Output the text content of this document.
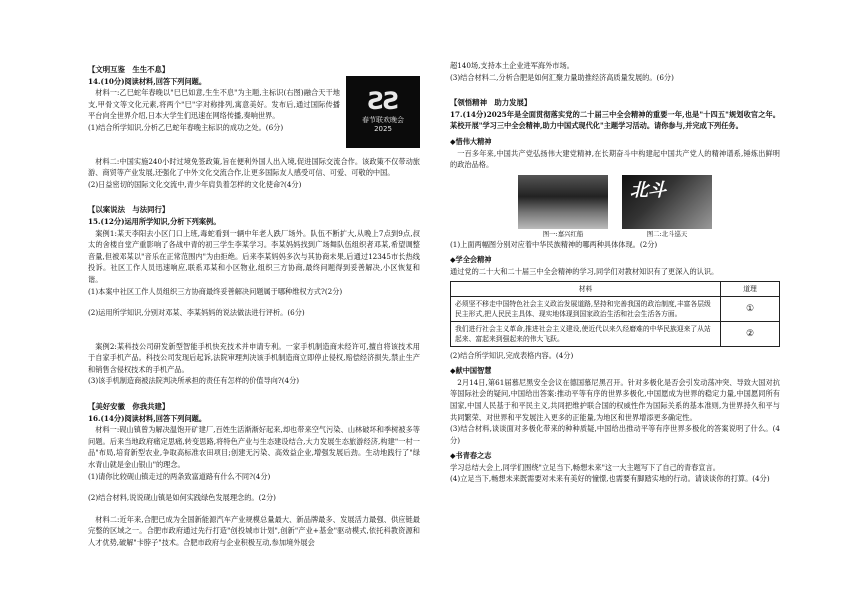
【文明互鉴　生生不息】
ƧƧ
春节联欢晚会
2025

14.(10分)阅读材料,回答下列问题。

材料一:乙巳蛇年春晚以"巳巳如意,生生不息"为主题,主标识(右图)融合天干地支,甲骨文等文化元素,将两个"巳"字对称排列,寓意美好。发布后,通过国际传播平台向全世界介绍,日本大学生们迅速在网络传播,奏响世界。

(1)结合所学知识,分析乙巳蛇年春晚主标识的成功之处。(6分)

材料二:中国实施240小时过境免签政策,旨在便利外国人出入境,促进国际交流合作。该政策不仅带动旅游、商贸等产业发展,还强化了中外文化交流合作,让更多国际友人感受可信、可爱、可敬的中国。

(2)日益密切的国际文化交流中,青少年肩负着怎样的文化使命?(4分)

【以案说法　与法同行】

15.(12分)运用所学知识,分析下列案例。

案例1:某天李阳去小区门口上班,毒蛇看到一辆中年老人跌厂场外。队伍不断扩大,从晚上7点到9点,叔太的舍楼自堂产重影响了各战中青的初三学生李某学习。李某妈妈找到广场舞队伍组织者邓某,希望调整音量,但被邓某以"音乐在正常范围内"为由拒绝。后来李某妈妈多次与其协商未果,后通过12345市长热线投诉。社区工作人员迅速响应,联系邓某和小区物业,组织三方协商,最终问题得到妥善解决,小区恢复和谐。

(1)本案中社区工作人员组织三方协商最终妥善解决问题属于哪种维权方式?(2分)

(2)运用所学知识,分别对邓某、李某妈妈的说法做法进行评析。(6分)

案例2:某科技公司研发新型智能手机快充技术并申请专利。一家手机制造商未经许可,擅自将该技术用于自家手机产品。科技公司发现后起诉,法院审理判决该手机制造商立即停止侵权,赔偿经济损失,禁止生产和销售含侵权技术的手机产品。

(3)该手机制造商被法院判决所承担的责任有怎样的价值导向?(4分)

【美好安徽　你我共建】

16.(14分)阅读材料,回答下列问题。

材料一:砚山镇曾为解决温饱开矿建厂,百姓生活渐渐好起来,却也带来空气污染、山林破坏和季树被多等问题。后来当地政府痛定思痛,转变思路,将特色产业与生态建设结合,大力发展生态旅游经济,构建"一村一品"布局,培育新型农业,争取高标准农田项目;创建无污染、高效益企业,增强发展后劲。生动地践行了"绿水青山就是金山银山"的理念。

(1)请你比较砚山镇走过的两条致富道路有什么不同?(4分)

(2)结合材料,说说砚山镇是如何实践绿色发展理念的。(2分)

材料二:近年来,合肥已成为全国新能源汽车产业规模总量最大、新品牌最多、发展活力最强、供应链最完整的区域之一。合肥市政府通过先行打造"创投城市计划",创新"产业+基金"驱动模式,依托科教资源和人才优势,破解"卡脖子"技术。合肥市政府与企业积极互动,参加境外展会

超140场,支持本土企业进军海外市场。

(3)结合材料二,分析合肥是如何汇聚力量助推经济高质量发展的。(6分)

【领悟精神　助力发展】

17.(14分)2025年是全面贯彻落实党的二十届三中全会精神的重要一年,也是"十四五"规划收官之年。某校开展"学习三中全会精神,助力中国式现代化"主题学习活动。请你参与,并完成下列任务。

◆惜伟大精神

一百多年来,中国共产党弘扬伟大建党精神,在长期奋斗中构建起中国共产党人的精神谱系,锤炼出鲜明的政治品格。

图一:嘉兴红船
北斗
图二:北斗巡天

(1)上面两幅图分别对应着中华民族精神的哪两种具体体现。(2分)

◆学全会精神

通过党的二十大和二十届三中全会精神的学习,同学们对教材知识有了更深入的认识。

材料	道理
必须坚不移走中国特色社会主义政治发展道路,坚持和完善我国的政治制度,丰富各层级民主形式,把人民民主具体、现实地体现到国家政治生活和社会生活各方面。	①
我们进行社会主义革命,推进社会主义建设,使近代以来久经磨难的中华民族迎来了从站起来、富起来到强起来的伟大飞跃。	②

(2)结合所学知识,完成表格内容。(4分)

◆献中国智慧

2月14日,第61届慕尼黑安全会议在德国慕尼黑召开。针对多极化是否会引发动荡冲突、导致大国对抗等国际社会的疑问,中国给出答案:推动平等有序的世界多极化,中国愿成为世界的稳定力量,中国愿同所有国家,中国人民基于和平民主义,共同把维护联合国的权威性作为国际关系的基本准则,为世界持久和平与共同繁荣、对世界和平发展注入更多的正能量,为地区和世界增添更多确定性。

(3)结合材料,谈谈面对多极化带来的种种质疑,中国给出推动平等有序世界多极化的答案说明了什么。(4分)

◆书青春之志

学习总结大会上,同学们围绕"立足当下,畅想未来"这一大主题写下了自己的青春宣言。

(4)立足当下,畅想未来既需要对未来有美好的憧憬,也需要有脚踏实地的行动。请谈谈你的打算。(4分)
